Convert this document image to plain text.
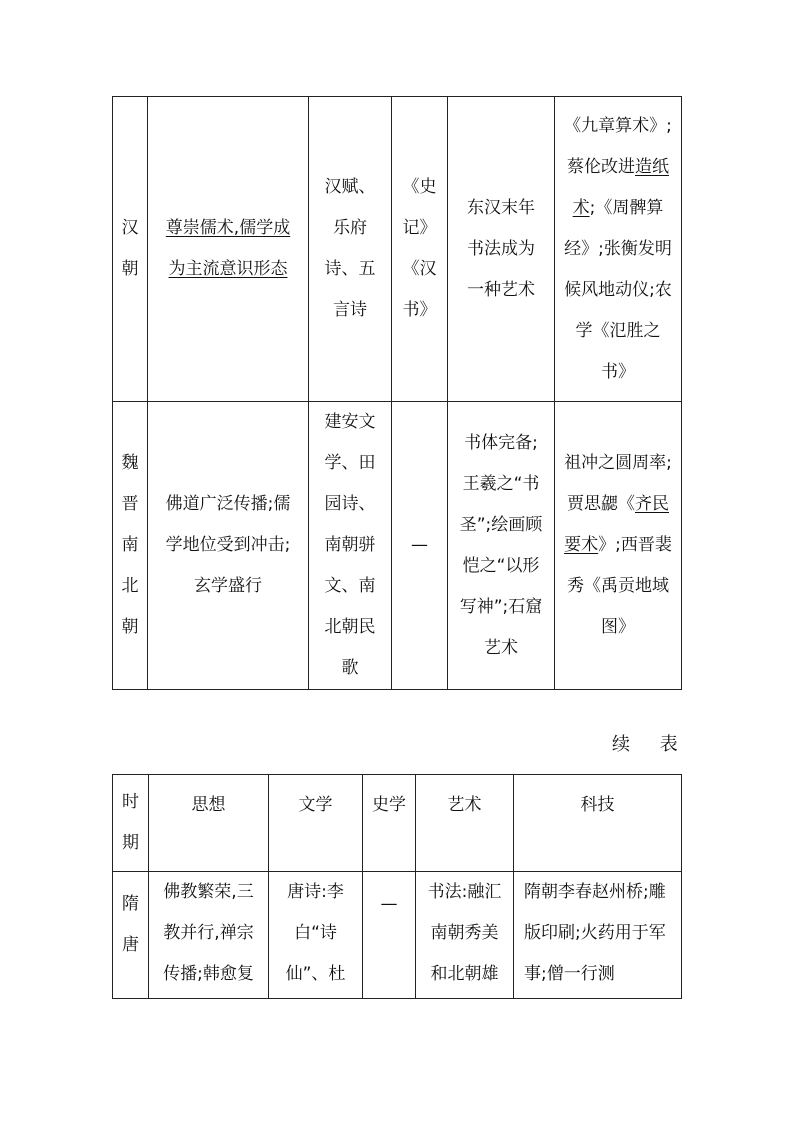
汉朝	尊崇儒术,儒学成为主流意识形态	汉赋、乐府诗、五言诗	《史记》《汉书》	东汉末年书法成为一种艺术	《九章算术》;蔡伦改进造纸术;《周髀算经》;张衡发明候风地动仪;农学《氾胜之书》

魏晋南北朝	佛道广泛传播;儒学地位受到冲击;玄学盛行	建安文学、田园诗、南朝骈文、南北朝民歌	—	书体完备;王羲之“书圣”;绘画顾恺之“以形写神”;石窟艺术	祖冲之圆周率;贾思勰《齐民要术》;西晋裴秀《禹贡地域图》
续 表
时期	思想	文学	史学	艺术	科技

隋唐	佛教繁荣,三教并行,禅宗传播;韩愈复	唐诗:李白“诗仙”、杜	—	书法:融汇南朝秀美和北朝雄	隋朝李春赵州桥;雕版印刷;火药用于军事;僧一行测
